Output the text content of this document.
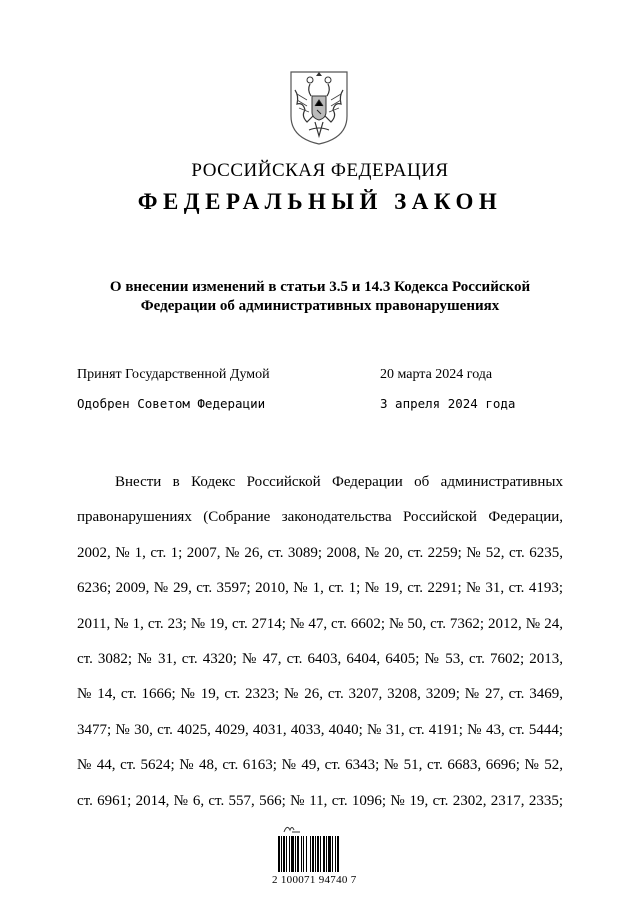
РОССИЙСКАЯ ФЕДЕРАЦИЯ
ФЕДЕРАЛЬНЫЙ ЗАКОН
О внесении изменений в статьи 3.5 и 14.3 Кодекса Российской
Федерации об административных правонарушениях
Принят Государственной Думой	20 марта 2024 года
Одобрен Советом Федерации	3 апреля 2024 года
Внести в Кодекс Российской Федерации об административных
правонарушениях (Собрание законодательства Российской Федерации,
2002, № 1, ст. 1; 2007, № 26, ст. 3089; 2008, № 20, ст. 2259; № 52, ст. 6235,
6236; 2009, № 29, ст. 3597; 2010, № 1, ст. 1; № 19, ст. 2291; № 31, ст. 4193;
2011, № 1, ст. 23; № 19, ст. 2714; № 47, ст. 6602; № 50, ст. 7362; 2012, № 24,
ст. 3082; № 31, ст. 4320; № 47, ст. 6403, 6404, 6405; № 53, ст. 7602; 2013,
№ 14, ст. 1666; № 19, ст. 2323; № 26, ст. 3207, 3208, 3209; № 27, ст. 3469,
3477; № 30, ст. 4025, 4029, 4031, 4033, 4040; № 31, ст. 4191; № 43, ст. 5444;
№ 44, ст. 5624; № 48, ст. 6163; № 49, ст. 6343; № 51, ст. 6683, 6696; № 52,
ст. 6961; 2014, № 6, ст. 557, 566; № 11, ст. 1096; № 19, ст. 2302, 2317, 2335;
2 100071 94740 7
